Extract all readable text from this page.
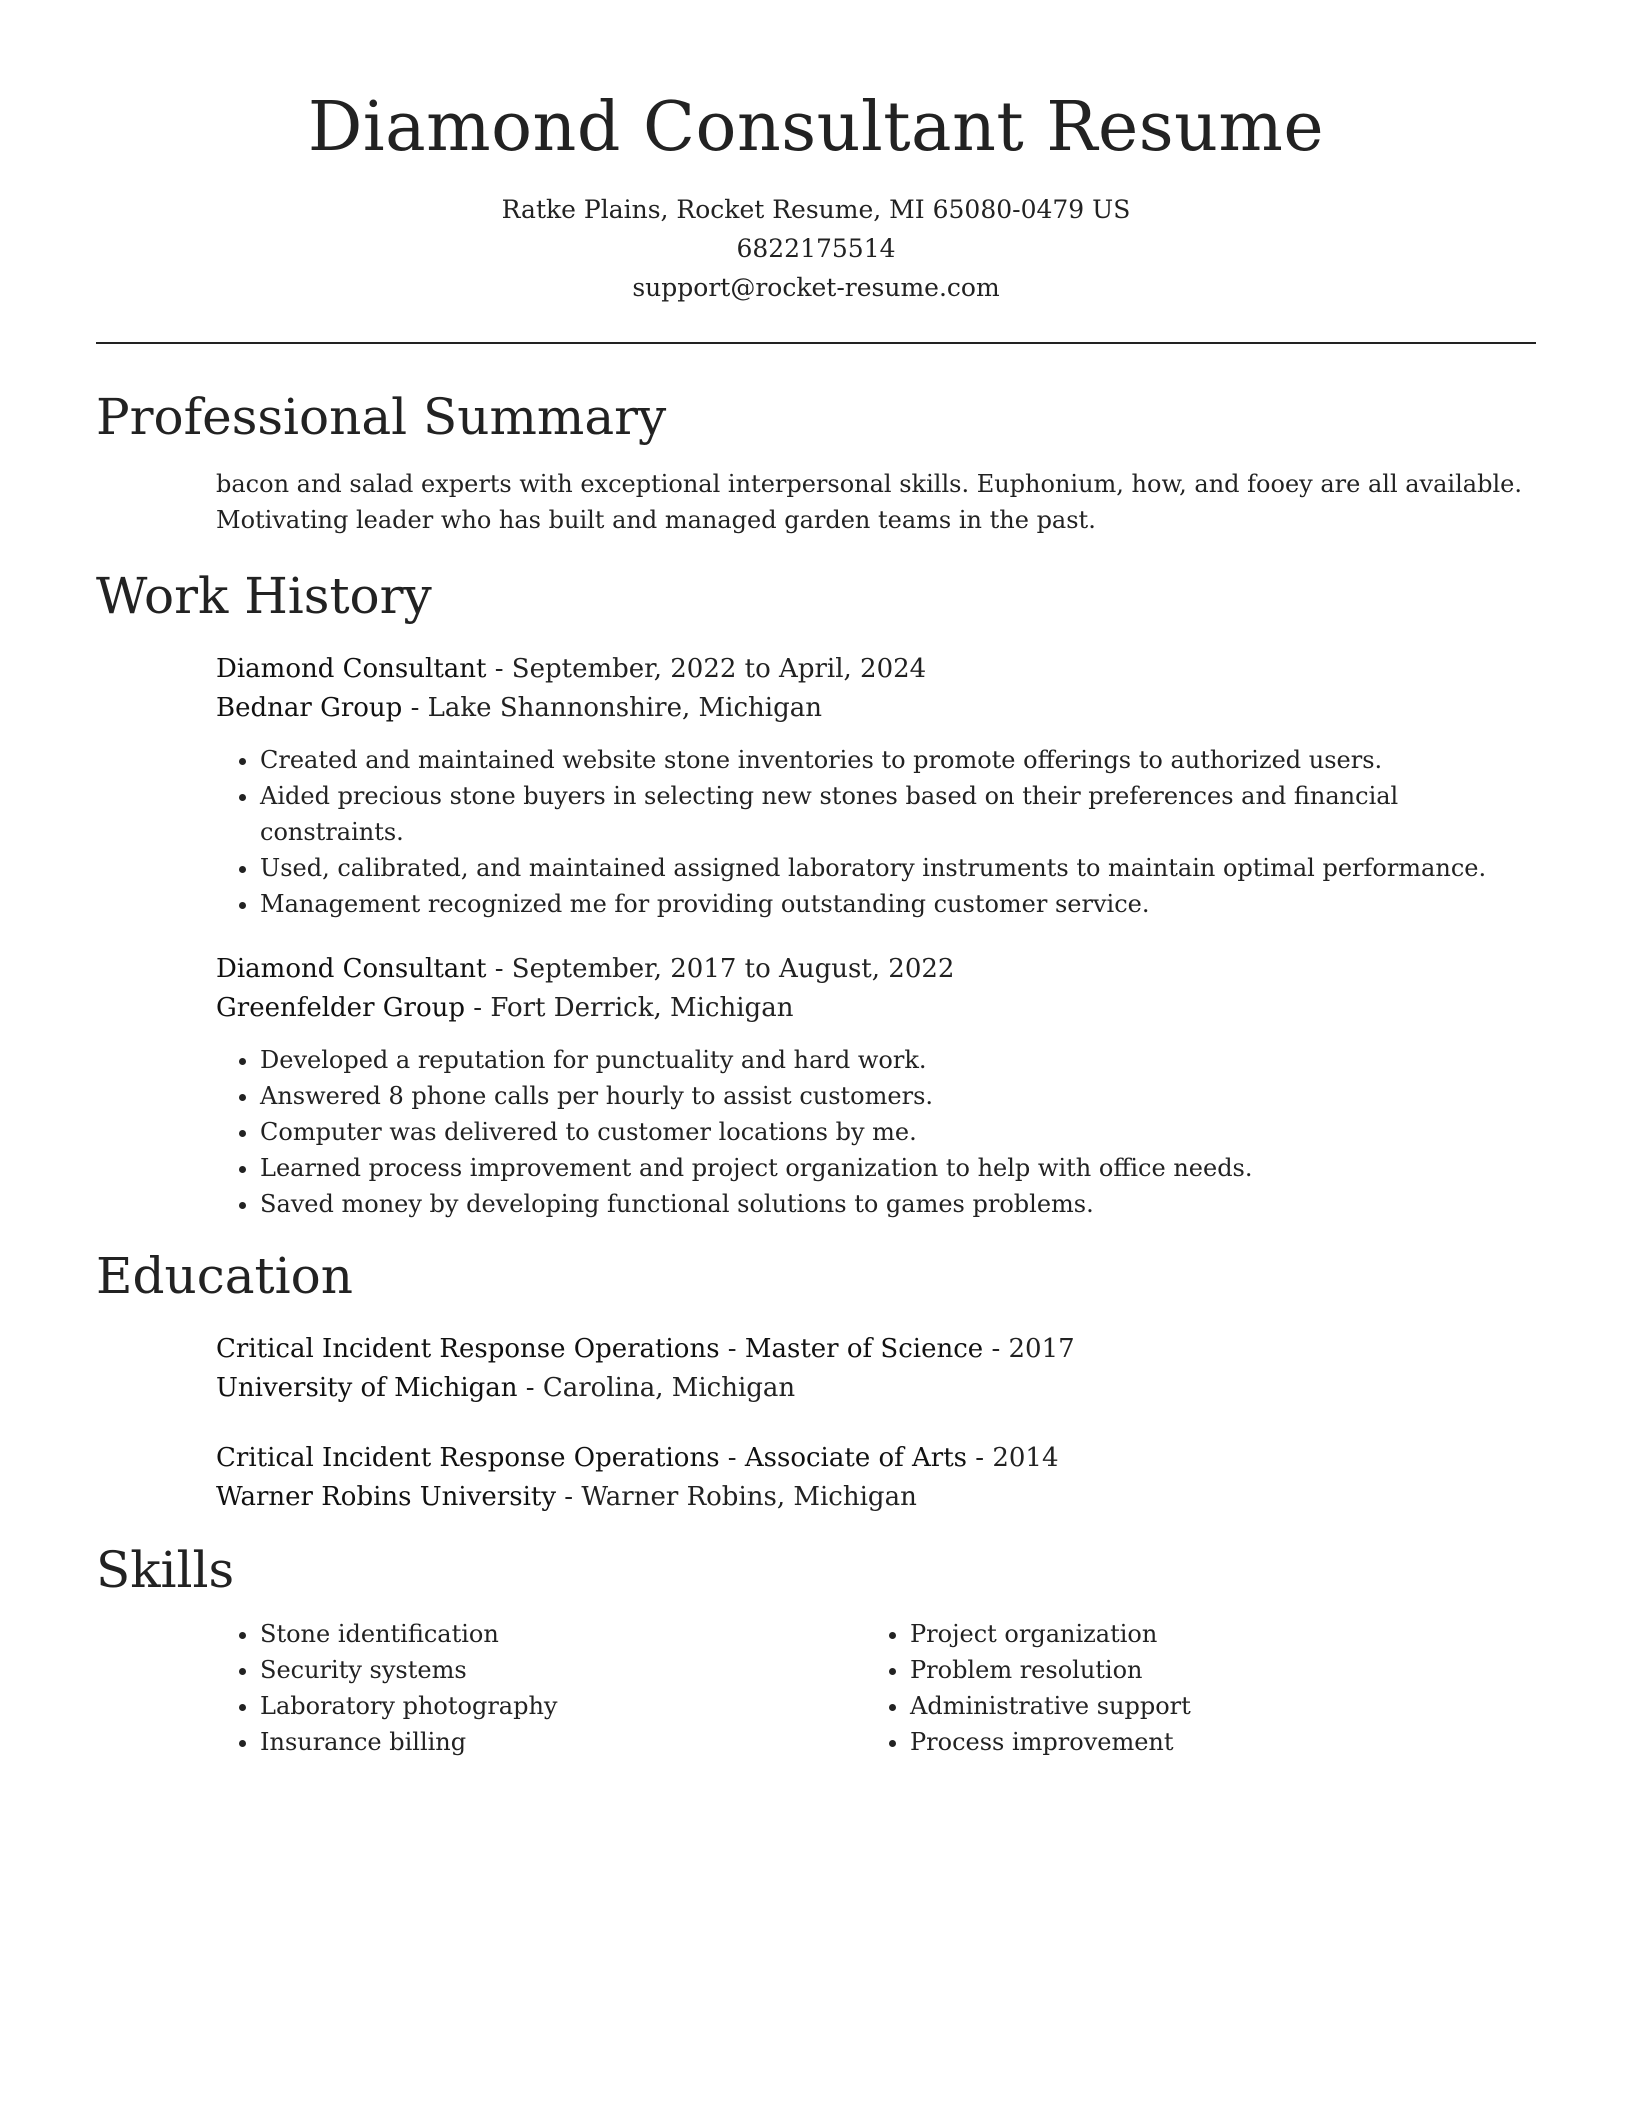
Diamond Consultant Resume
Ratke Plains, Rocket Resume, MI 65080-0479 US
6822175514
support@rocket-resume.com
Professional Summary
bacon and salad experts with exceptional interpersonal skills. Euphonium, how, and fooey are all available. Motivating leader who has built and managed garden teams in the past.
Work History
Diamond Consultant - September, 2022 to April, 2024
Bednar Group - Lake Shannonshire, Michigan
• Created and maintained website stone inventories to promote offerings to authorized users.
• Aided precious stone buyers in selecting new stones based on their preferences and financial constraints.
• Used, calibrated, and maintained assigned laboratory instruments to maintain optimal performance.
• Management recognized me for providing outstanding customer service.
Diamond Consultant - September, 2017 to August, 2022
Greenfelder Group - Fort Derrick, Michigan
• Developed a reputation for punctuality and hard work.
• Answered 8 phone calls per hourly to assist customers.
• Computer was delivered to customer locations by me.
• Learned process improvement and project organization to help with office needs.
• Saved money by developing functional solutions to games problems.
Education
Critical Incident Response Operations - Master of Science - 2017
University of Michigan - Carolina, Michigan
Critical Incident Response Operations - Associate of Arts - 2014
Warner Robins University - Warner Robins, Michigan
Skills
• Stone identification
• Security systems
• Laboratory photography
• Insurance billing
• Project organization
• Problem resolution
• Administrative support
• Process improvement
